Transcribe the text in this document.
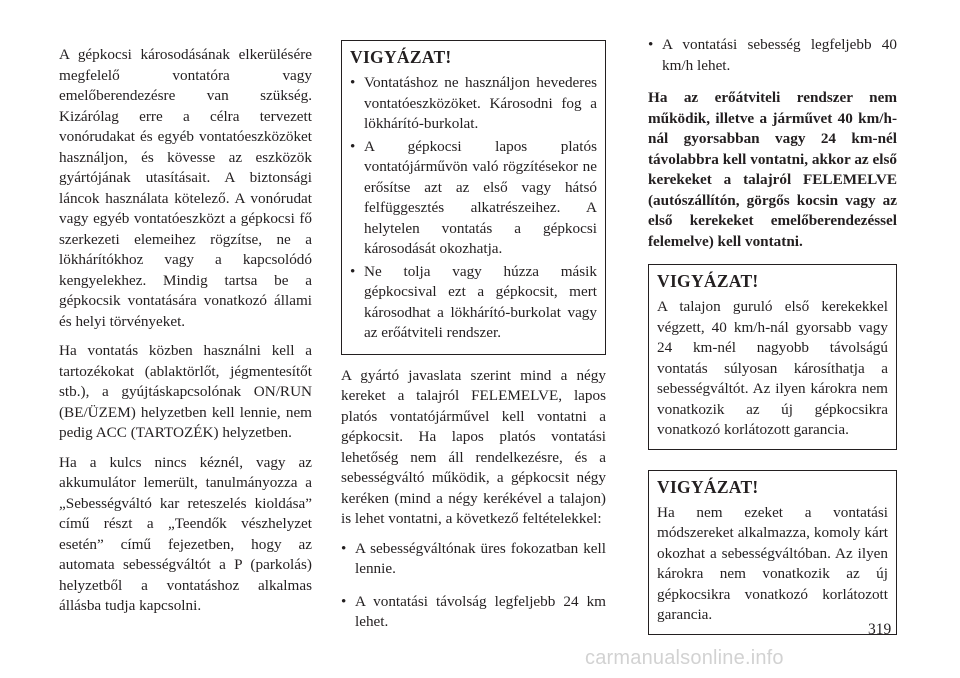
A gépkocsi károsodásának elkerülésére megfelelő vontatóra vagy emelőberendezésre van szükség. Kizárólag erre a célra tervezett vonórudakat és egyéb vontatóeszközöket használjon, és kövesse az eszközök gyártójának utasításait. A biztonsági láncok használata kötelező. A vonórudat vagy egyéb vontatóeszközt a gépkocsi fő szerkezeti elemeihez rögzítse, ne a lökhárítókhoz vagy a kapcsolódó kengyelekhez. Mindig tartsa be a gépkocsik vontatására vonatkozó állami és helyi törvényeket.

Ha vontatás közben használni kell a tartozékokat (ablaktörlőt, jégmentesítőt stb.), a gyújtáskapcsolónak ON/RUN (BE/ÜZEM) helyzetben kell lennie, nem pedig ACC (TARTOZÉK) helyzetben.

Ha a kulcs nincs kéznél, vagy az akkumulátor lemerült, tanulmányozza a „Sebességváltó kar reteszelés kioldása” című részt a „Teendők vészhelyzet esetén” című fejezetben, hogy az automata sebességváltót a P (parkolás) helyzetből a vontatáshoz alkalmas állásba tudja kapcsolni.

VIGYÁZAT!
• Vontatáshoz ne használjon hevederes vontatóeszközöket. Károsodni fog a lökhárító-burkolat.
• A gépkocsi lapos platós vontatójárművön való rögzítésekor ne erősítse azt az első vagy hátsó felfüggesztés alkatrészeihez. A helytelen vontatás a gépkocsi károsodását okozhatja.
• Ne tolja vagy húzza másik gépkocsival ezt a gépkocsit, mert károsodhat a lökhárító-burkolat vagy az erőátviteli rendszer.

A gyártó javaslata szerint mind a négy kereket a talajról FELEMELVE, lapos platós vontatójárművel kell vontatni a gépkocsit. Ha lapos platós vontatási lehetőség nem áll rendelkezésre, és a sebességváltó működik, a gépkocsit négy keréken (mind a négy kerékével a talajon) is lehet vontatni, a következő feltételekkel:

• A sebességváltónak üres fokozatban kell lennie.
• A vontatási távolság legfeljebb 24 km lehet.
• A vontatási sebesség legfeljebb 40 km/h lehet.

Ha az erőátviteli rendszer nem működik, illetve a járművet 40 km/h-nál gyorsabban vagy 24 km-nél távolabbra kell vontatni, akkor az első kerekeket a talajról FELEMELVE (autószállítón, görgős kocsin vagy az első kerekeket emelőberendezéssel felemelve) kell vontatni.

VIGYÁZAT!

A talajon guruló első kerekekkel végzett, 40 km/h-nál gyorsabb vagy 24 km-nél nagyobb távolságú vontatás súlyosan károsíthatja a sebességváltót. Az ilyen károkra nem vonatkozik az új gépkocsikra vonatkozó korlátozott garancia.

VIGYÁZAT!

Ha nem ezeket a vontatási módszereket alkalmazza, komoly kárt okozhat a sebességváltóban. Az ilyen károkra nem vonatkozik az új gépkocsikra vonatkozó korlátozott garancia.

319
carmanualsonline.info
